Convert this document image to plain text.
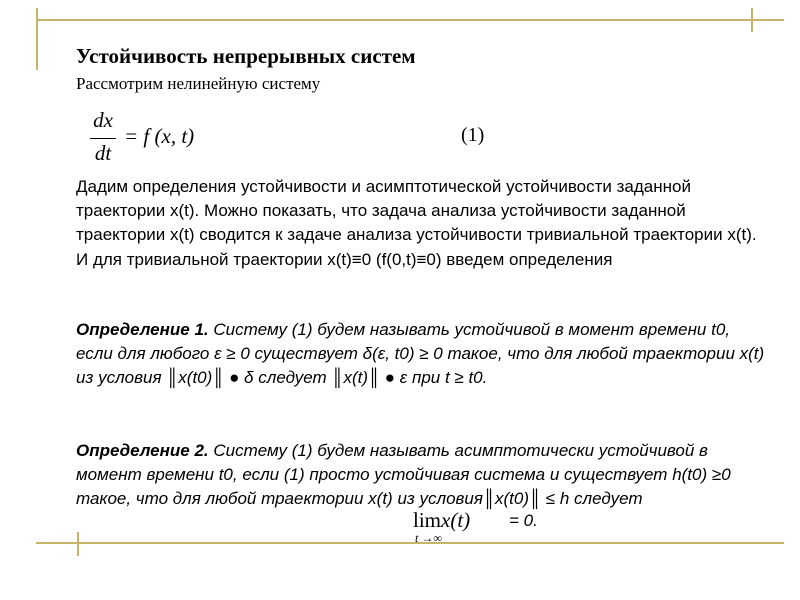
Устойчивость непрерывных систем
Рассмотрим нелинейную систему
dx
dt
= f (x, t)	(1)
Дадим определения устойчивости и асимптотической устойчивости заданной траектории x(t). Можно показать, что задача анализа устойчивости заданной траектории x(t) сводится к задаче анализа устойчивости тривиальной траектории x(t). И для тривиальной траектории x(t)≡0 (f(0,t)≡0) введем определения
Определение 1. Систему (1) будем называть устойчивой в момент времени t0, если для любого ε ≥ 0 существует δ(ε, t0) ≥ 0 такое, что для любой траектории x(t) из условия ║x(t0)║ ● δ следует ║x(t)║ ● ε при t ≥ t0.
Определение 2. Систему (1) будем называть асимптотически устойчивой в момент времени t0, если (1) просто устойчивая система и существует h(t0) ≥0 такое, что для любой траектории x(t) из условия║x(t0)║ ≤ h следует
limx(t)
t →∞
= 0.
